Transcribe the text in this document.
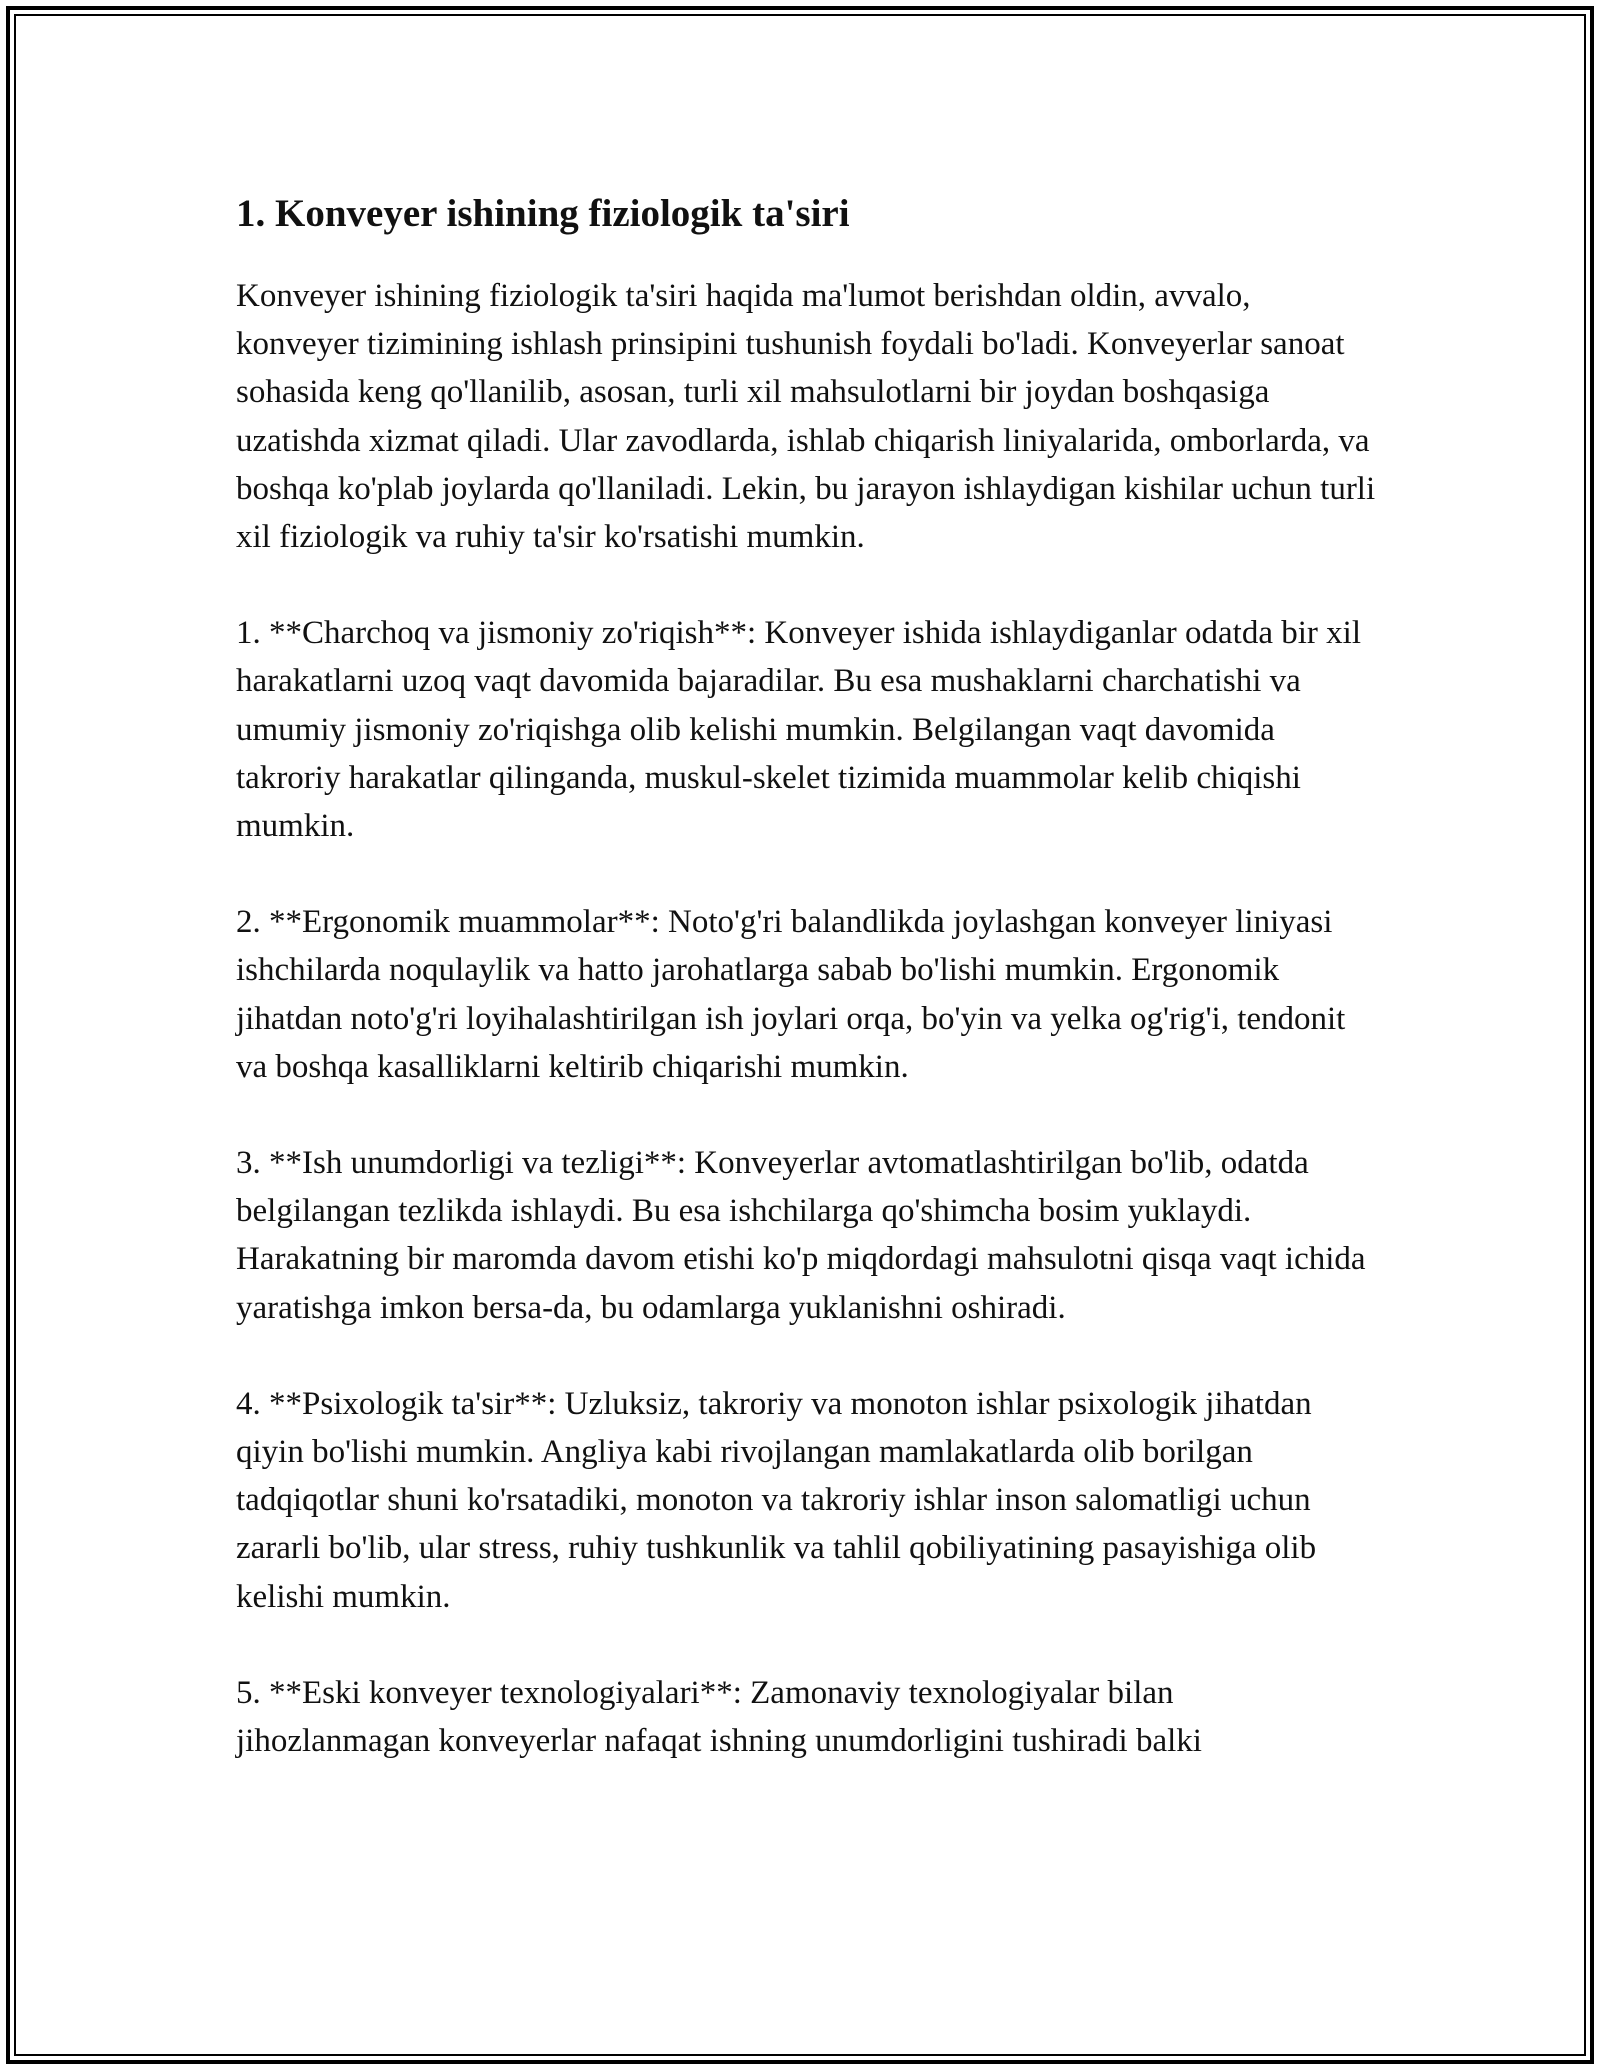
1. Konveyer ishining fiziologik ta'siri

Konveyer ishining fiziologik ta'siri haqida ma'lumot berishdan oldin, avvalo, konveyer tizimining ishlash prinsipini tushunish foydali bo'ladi. Konveyerlar sanoat sohasida keng qo'llanilib, asosan, turli xil mahsulotlarni bir joydan boshqasiga uzatishda xizmat qiladi. Ular zavodlarda, ishlab chiqarish liniyalarida, omborlarda, va boshqa ko'plab joylarda qo'llaniladi. Lekin, bu jarayon ishlaydigan kishilar uchun turli xil fiziologik va ruhiy ta'sir ko'rsatishi mumkin.

1. **Charchoq va jismoniy zo'riqish**: Konveyer ishida ishlaydiganlar odatda bir xil harakatlarni uzoq vaqt davomida bajaradilar. Bu esa mushaklarni charchatishi va umumiy jismoniy zo'riqishga olib kelishi mumkin. Belgilangan vaqt davomida takroriy harakatlar qilinganda, muskul-skelet tizimida muammolar kelib chiqishi mumkin.

2. **Ergonomik muammolar**: Noto'g'ri balandlikda joylashgan konveyer liniyasi ishchilarda noqulaylik va hatto jarohatlarga sabab bo'lishi mumkin. Ergonomik jihatdan noto'g'ri loyihalashtirilgan ish joylari orqa, bo'yin va yelka og'rig'i, tendonit va boshqa kasalliklarni keltirib chiqarishi mumkin.

3. **Ish unumdorligi va tezligi**: Konveyerlar avtomatlashtirilgan bo'lib, odatda belgilangan tezlikda ishlaydi. Bu esa ishchilarga qo'shimcha bosim yuklaydi. Harakatning bir maromda davom etishi ko'p miqdordagi mahsulotni qisqa vaqt ichida yaratishga imkon bersa-da, bu odamlarga yuklanishni oshiradi.

4. **Psixologik ta'sir**: Uzluksiz, takroriy va monoton ishlar psixologik jihatdan qiyin bo'lishi mumkin. Angliya kabi rivojlangan mamlakatlarda olib borilgan tadqiqotlar shuni ko'rsatadiki, monoton va takroriy ishlar inson salomatligi uchun zararli bo'lib, ular stress, ruhiy tushkunlik va tahlil qobiliyatining pasayishiga olib kelishi mumkin.

5. **Eski konveyer texnologiyalari**: Zamonaviy texnologiyalar bilan jihozlanmagan konveyerlar nafaqat ishning unumdorligini tushiradi balki
